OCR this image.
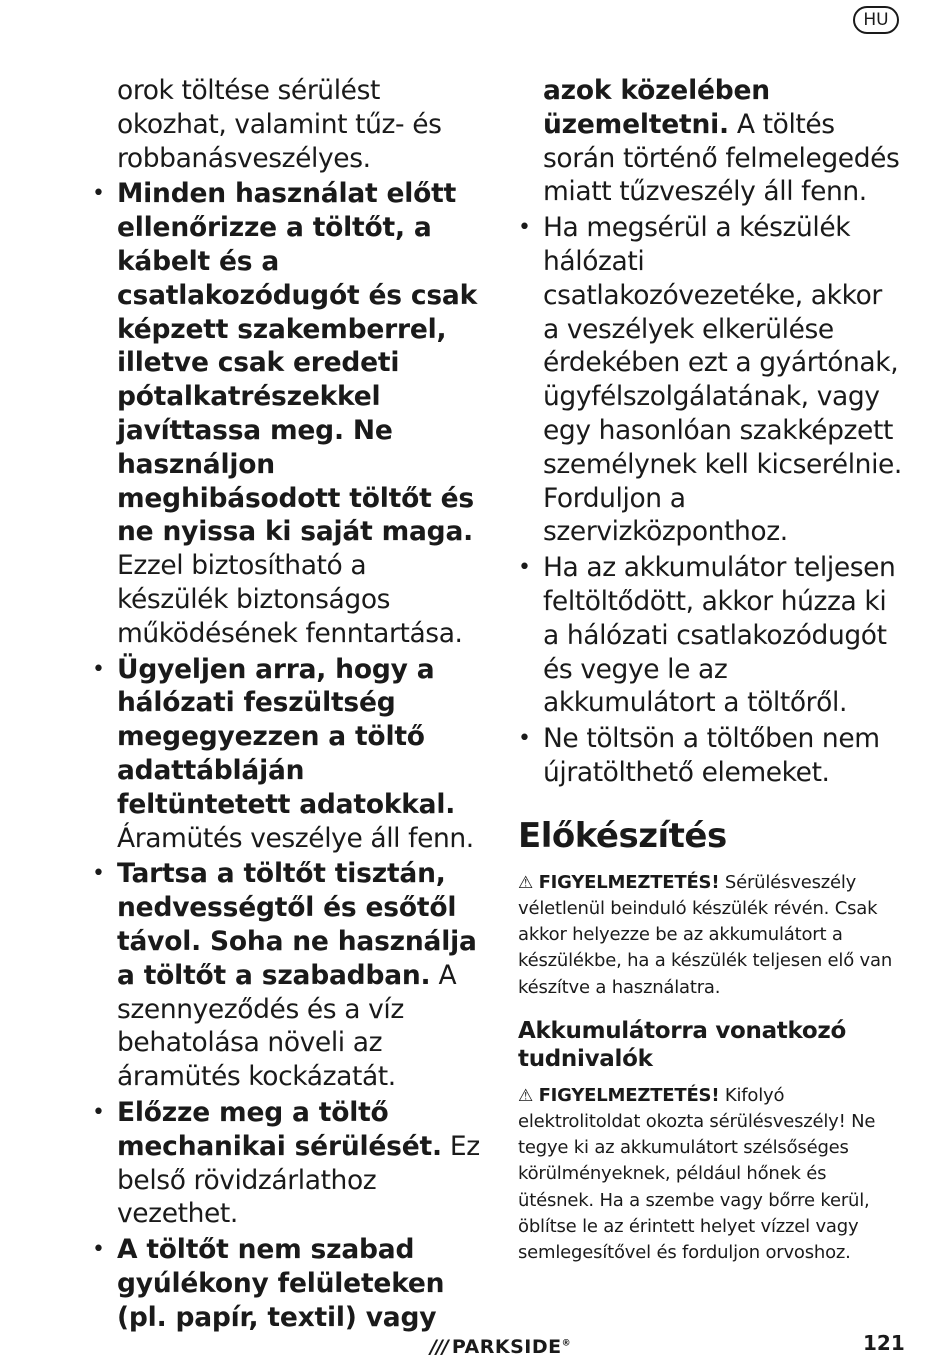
HU

orok töltése sérülést okozhat, valamint tűz- és robbanásveszélyes.

• Minden használat előtt ellenőrizze a töltőt, a kábelt és a csatlakozódugót és csak képzett szakemberrel, illetve csak eredeti pótalkatrészekkel javíttassa meg. Ne használjon meghibásodott töltőt és ne nyissa ki saját maga. Ezzel biztosítható a készülék biztonságos működésének fenntartása.
• Ügyeljen arra, hogy a hálózati feszültség megegyezzen a töltő adattábláján feltüntetett adatokkal. Áramütés veszélye áll fenn.
• Tartsa a töltőt tisztán, nedvességtől és esőtől távol. Soha ne használja a töltőt a szabadban. A szennyeződés és a víz behatolása növeli az áramütés kockázatát.
• Előzze meg a töltő mechanikai sérülését. Ez belső rövidzárlathoz vezethet.
• A töltőt nem szabad gyúlékony felületeken (pl. papír, textil) vagy

azok közelében üzemeltetni. A töltés során történő felmelegedés miatt tűzveszély áll fenn.

• Ha megsérül a készülék hálózati csatlakozóvezetéke, akkor a veszélyek elkerülése érdekében ezt a gyártónak, ügyfélszolgálatának, vagy egy hasonlóan szakképzett személynek kell kicserélnie. Forduljon a szervizközponthoz.
• Ha az akkumulátor teljesen feltöltődött, akkor húzza ki a hálózati csatlakozódugót és vegye le az akkumulátort a töltőről.
• Ne töltsön a töltőben nem újratölthető elemeket.
Előkészítés
⚠ FIGYELMEZTETÉS! Sérülésveszély véletlenül beinduló készülék révén. Csak akkor helyezze be az akkumulátort a készülékbe, ha a készülék teljesen elő van készítve a használatra.
Akkumulátorra vonatkozó tudnivalók
⚠ FIGYELMEZTETÉS! Kifolyó elektrolitoldat okozta sérülésveszély! Ne tegye ki az akkumulátort szélsőséges körülményeknek, például hőnek és ütésnek. Ha a szembe vagy bőrre kerül, öblítse le az érintett helyet vízzel vagy semlegesítővel és forduljon orvoshoz.
/// PARKSIDE®	121
